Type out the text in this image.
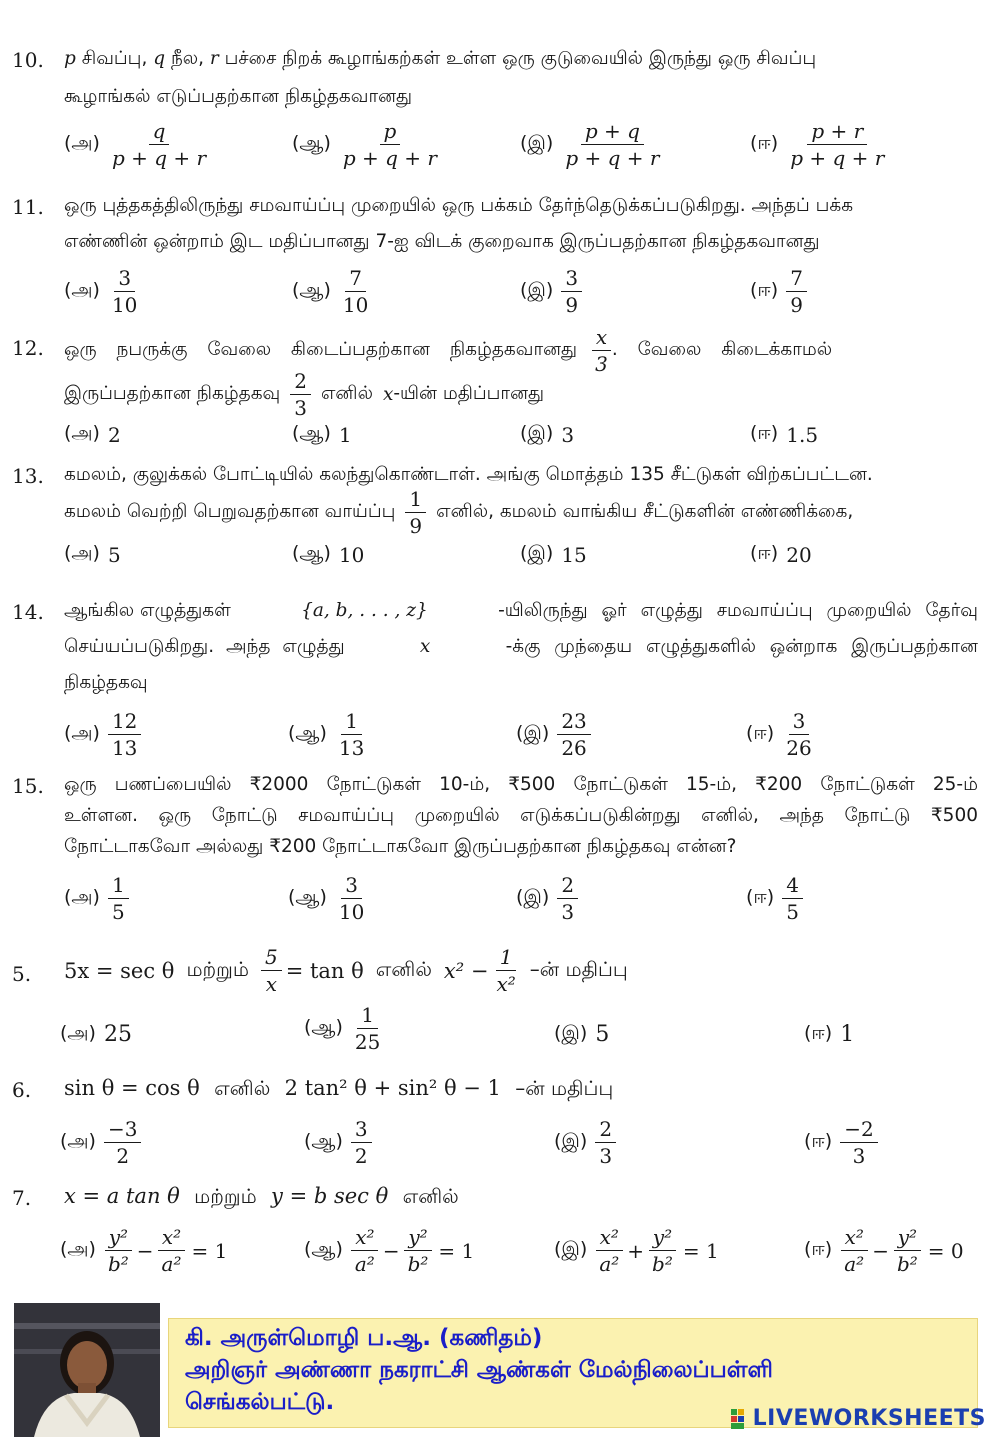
10. p சிவப்பு, q நீல, r பச்சை நிறக் கூழாங்கற்கள் உள்ள ஒரு குடுவையில் இருந்து ஒரு சிவப்பு
கூழாங்கல் எடுப்பதற்கான நிகழ்தகவானது
(அ) $\frac{q}{p + q + r}$	(ஆ) $\frac{p}{p + q + r}$	(இ) $\frac{p + q}{p + q + r}$	(ஈ) $\frac{p + r}{p + q + r}$
11. ஒரு புத்தகத்திலிருந்து சமவாய்ப்பு முறையில் ஒரு பக்கம் தேர்ந்தெடுக்கப்படுகிறது. அந்தப் பக்க
எண்ணின் ஒன்றாம் இட மதிப்பானது 7-ஐ விடக் குறைவாக இருப்பதற்கான நிகழ்தகவானது
(அ) $\frac{3}{10}$	(ஆ) $\frac{7}{10}$	(இ) $\frac{3}{9}$	(ஈ) $\frac{7}{9}$
12. ஒரு நபருக்கு வேலை கிடைப்பதற்கான நிகழ்தகவானது $\frac{x}{3}$ . வேலை கிடைக்காமல்
இருப்பதற்கான நிகழ்தகவு $\frac{2}{3}$ எனில் x -யின் மதிப்பானது
(அ) 2	(ஆ) 1	(இ) 3	(ஈ) 1.5
13. கமலம், குலுக்கல் போட்டியில் கலந்துகொண்டாள். அங்கு மொத்தம் 135 சீட்டுகள் விற்கப்பட்டன.
கமலம் வெற்றி பெறுவதற்கான வாய்ப்பு $\frac{1}{9}$ எனில், கமலம் வாங்கிய சீட்டுகளின் எண்ணிக்கை,
(அ) 5	(ஆ) 10	(இ) 15	(ஈ) 20
14. ஆங்கில எழுத்துகள்	{a, b, . . . , z}	-யிலிருந்து ஓர் எழுத்து சமவாய்ப்பு முறையில் தேர்வு
செய்யப்படுகிறது. அந்த எழுத்து	x	-க்கு முந்தைய எழுத்துகளில் ஒன்றாக இருப்பதற்கான
நிகழ்தகவு
(அ) $\frac{12}{13}$	(ஆ) $\frac{1}{13}$	(இ) $\frac{23}{26}$	(ஈ) $\frac{3}{26}$
15. ஒரு பணப்பையில் ₹2000 நோட்டுகள் 10-ம், ₹500 நோட்டுகள் 15-ம், ₹200 நோட்டுகள் 25-ம்
உள்ளன. ஒரு நோட்டு சமவாய்ப்பு முறையில் எடுக்கப்படுகின்றது எனில், அந்த நோட்டு ₹500
நோட்டாகவோ அல்லது ₹200 நோட்டாகவோ இருப்பதற்கான நிகழ்தகவு என்ன?
(அ) $\frac{1}{5}$	(ஆ) $\frac{3}{10}$	(இ) $\frac{2}{3}$	(ஈ) $\frac{4}{5}$
5. 5x = sec θ மற்றும் $\frac{5}{x} = \tan \theta$ எனில் $x^2 - \frac{1}{\text{x²}}$ –ன் மதிப்பு
(அ) 25	(ஆ) $\frac{1}{25}$	(இ) 5	(ஈ) 1
6. sin θ = cos θ எனில் 2 tan² θ + sin² θ − 1 –ன் மதிப்பு
(அ) $\frac{-3}{2}$	(ஆ) $\frac{3}{2}$	(இ) $\frac{2}{3}$	(ஈ) $\frac{-2}{3}$
7. x = a tan θ மற்றும் y = b sec θ எனில்
(அ) $\frac{\text{y²}}{\text{b²}} - \frac{\text{x²}}{\text{a²}} = 1$	(ஆ) $\frac{\text{x²}}{\text{a²}} - \frac{\text{y²}}{\text{b²}} = 1$	(இ) $\frac{\text{x²}}{\text{a²}} + \frac{\text{y²}}{\text{b²}} = 1$	(ஈ) $\frac{\text{x²}}{\text{a²}} - \frac{\text{y²}}{\text{b²}} = 0$
கி. அருள்மொழி ப.ஆ. (கணிதம்)
அறிஞர் அண்ணா நகராட்சி ஆண்கள் மேல்நிலைப்பள்ளி
செங்கல்பட்டு.
LIVEWORKSHEETS
